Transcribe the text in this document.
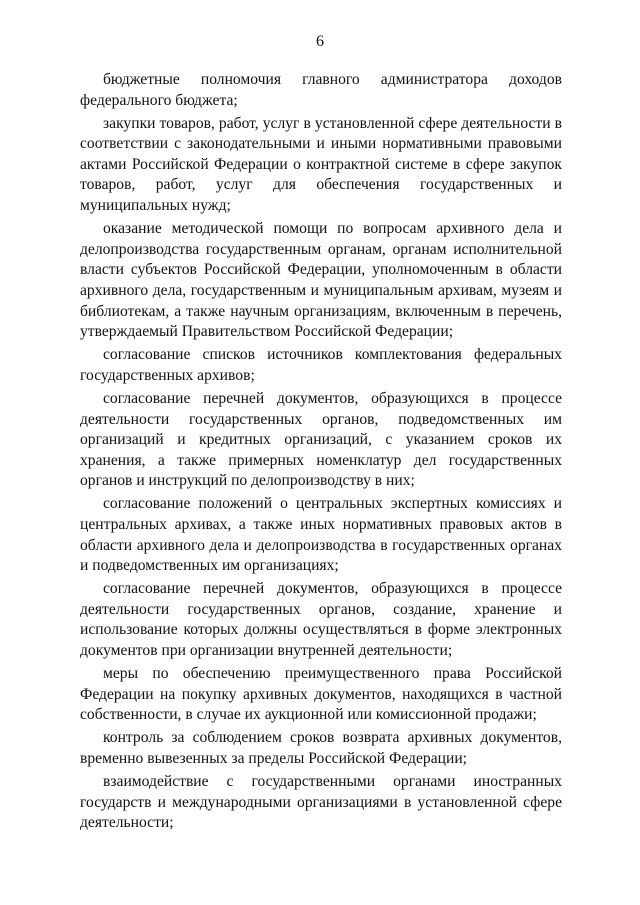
6

бюджетные полномочия главного администратора доходов федерального бюджета;

закупки товаров, работ, услуг в установленной сфере деятельности в соответствии с законодательными и иными нормативными правовыми актами Российской Федерации о контрактной системе в сфере закупок товаров, работ, услуг для обеспечения государственных и муниципальных нужд;

оказание методической помощи по вопросам архивного дела и делопроизводства государственным органам, органам исполнительной власти субъектов Российской Федерации, уполномоченным в области архивного дела, государственным и муниципальным архивам, музеям и библиотекам, а также научным организациям, включенным в перечень, утверждаемый Правительством Российской Федерации;

согласование списков источников комплектования федеральных государственных архивов;

согласование перечней документов, образующихся в процессе деятельности государственных органов, подведомственных им организаций и кредитных организаций, с указанием сроков их хранения, а также примерных номенклатур дел государственных органов и инструкций по делопроизводству в них;

согласование положений о центральных экспертных комиссиях и центральных архивах, а также иных нормативных правовых актов в области архивного дела и делопроизводства в государственных органах и подведомственных им организациях;

согласование перечней документов, образующихся в процессе деятельности государственных органов, создание, хранение и использование которых должны осуществляться в форме электронных документов при организации внутренней деятельности;

меры по обеспечению преимущественного права Российской Федерации на покупку архивных документов, находящихся в частной собственности, в случае их аукционной или комиссионной продажи;

контроль за соблюдением сроков возврата архивных документов, временно вывезенных за пределы Российской Федерации;

взаимодействие с государственными органами иностранных государств и международными организациями в установленной сфере деятельности;
